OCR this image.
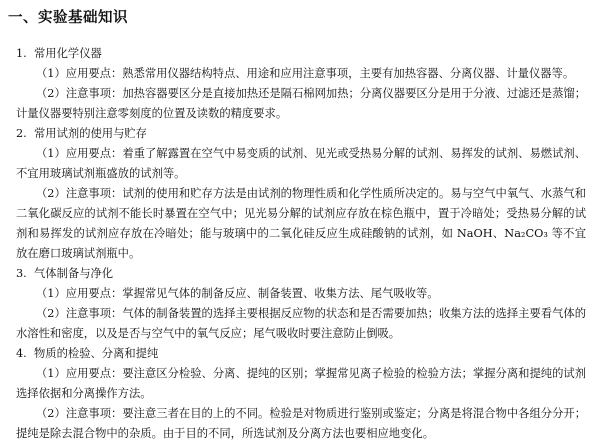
一、实验基础知识
1. 常用化学仪器

（1）应用要点：熟悉常用仪器结构特点、用途和应用注意事项，主要有加热容器、分离仪器、计量仪器等。

（2）注意事项：加热容器要区分是直接加热还是隔石棉网加热；分离仪器要区分是用于分液、过滤还是蒸馏；计量仪器要特别注意零刻度的位置及读数的精度要求。

2. 常用试剂的使用与贮存

（1）应用要点：着重了解露置在空气中易变质的试剂、见光或受热易分解的试剂、易挥发的试剂、易燃试剂、不宜用玻璃试剂瓶盛放的试剂等。

（2）注意事项：试剂的使用和贮存方法是由试剂的物理性质和化学性质所决定的。易与空气中氧气、水蒸气和二氧化碳反应的试剂不能长时暴置在空气中；见光易分解的试剂应存放在棕色瓶中，置于冷暗处；受热易分解的试剂和易挥发的试剂应存放在冷暗处；能与玻璃中的二氧化硅反应生成硅酸钠的试剂，如 NaOH、Na₂CO₃ 等不宜放在磨口玻璃试剂瓶中。

3. 气体制备与净化

（1）应用要点：掌握常见气体的制备反应、制备装置、收集方法、尾气吸收等。

（2）注意事项：气体的制备装置的选择主要根据反应物的状态和是否需要加热；收集方法的选择主要看气体的水溶性和密度，以及是否与空气中的氧气反应；尾气吸收时要注意防止倒吸。

4. 物质的检验、分离和提纯

（1）应用要点：要注意区分检验、分离、提纯的区别；掌握常见离子检验的检验方法；掌握分离和提纯的试剂选择依据和分离操作方法。

（2）注意事项：要注意三者在目的上的不同。检验是对物质进行鉴别或鉴定；分离是将混合物中各组分分开；提纯是除去混合物中的杂质。由于目的不同，所选试剂及分离方法也要相应地变化。
